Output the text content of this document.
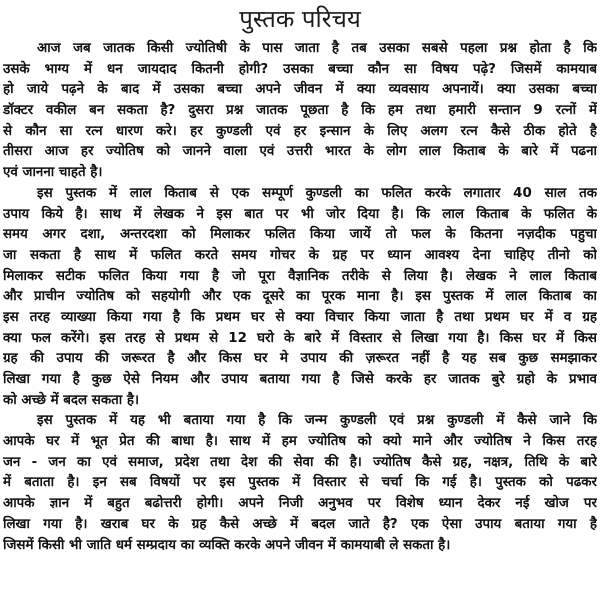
पुस्तक परिचय
आज जब जातक किसी ज्योतिषी के पास जाता है तब उसका सबसे पहला प्रश्न होता है कि
उसके भाग्य में धन जायदाद कितनी होगी? उसका बच्चा कौन सा विषय पढ़े? जिसमें कामयाब
हो जाये पढ़ने के बाद में उसका बच्चा अपने जीवन में क्या व्यवसाय अपनायें। क्या उसका बच्चा
डॉक्टर वकील बन सकता है? दुसरा प्रश्न जातक पूछता है कि हम तथा हमारी सन्तान 9 रत्नों में
से कौन सा रत्न धारण करे। हर कुण्डली एवं हर इन्सान के लिए अलग रत्न कैसे ठीक होते है
तीसरा आज हर ज्योतिष को जानने वाला एवं उत्तरी भारत के लोग लाल किताब के बारे में पढना
एवं जानना चाहते है।
इस पुस्तक में लाल किताब से एक सम्पूर्ण कुण्डली का फलित करके लगातार 40 साल तक
उपाय किये है। साथ में लेखक ने इस बात पर भी जोर दिया है। कि लाल किताब के फलित के
समय अगर दशा, अन्तरदशा को मिलाकर फलित किया जायें तो फल के कितना नज़दीक पहुचा
जा सकता है साथ में फलित करते समय गोचर के ग्रह पर ध्यान आवश्य देना चाहिए तीनो को
मिलाकर सटीक फलित किया गया है जो पूरा वैज्ञानिक तरीके से लिया है। लेखक ने लाल किताब
और प्राचीन ज्योतिष को सहयोगी और एक दूसरे का पूरक माना है। इस पुस्तक में लाल किताब का
इस तरह व्याख्या किया गया है कि प्रथम घर से क्या विचार किया जाता है तथा प्रथम घर में व ग्रह
क्या फल करेंगे। इस तरह से प्रथम से 12 घरो के बारे में विस्तार से लिखा गया है। किस घर में किस
ग्रह की उपाय की जरूरत है और किस घर मे उपाय की ज़रूरत नहीं है यह सब कुछ समझाकर
लिखा गया है कुछ ऐसे नियम और उपाय बताया गया है जिसे करके हर जातक बुरे ग्रहो के प्रभाव
को अच्छे में बदल सकता है।
इस पुस्तक में यह भी बताया गया है कि जन्म कुण्डली एवं प्रश्न कुण्डली में कैसे जाने कि
आपके घर में भूत प्रेत की बाधा है। साथ में हम ज्योतिष को क्यो माने और ज्योतिष ने किस तरह
जन - जन का एवं समाज, प्रदेश तथा देश की सेवा की है। ज्योतिष कैसे ग्रह, नक्षत्र, तिथि के बारे
में बताता है। इन सब विषयों पर इस पुस्तक में विस्तार से चर्चा कि गई है। पुस्तक को पढकर
आपके ज्ञान में बहुत बढोत्तरी होगी। अपने निजी अनुभव पर विशेष ध्यान देकर नई खोज पर
लिखा गया है। खराब घर के ग्रह कैसे अच्छे में बदल जाते है? एक ऐसा उपाय बताया गया है
जिसमें किसी भी जाति धर्म सम्प्रदाय का व्यक्ति करके अपने जीवन में कामयाबी ले सकता है।
